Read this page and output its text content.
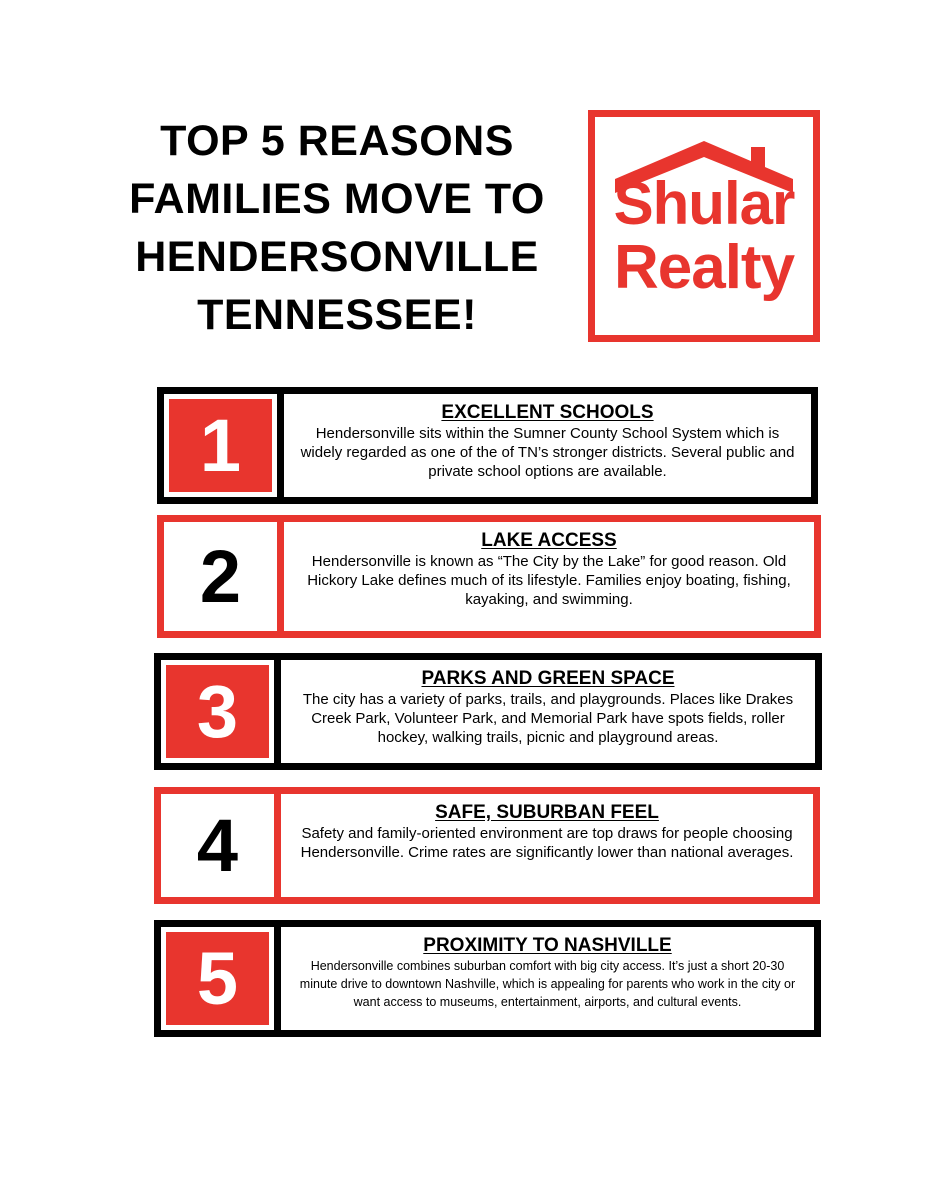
TOP 5 REASONS
FAMILIES MOVE TO
HENDERSONVILLE
TENNESSEE!
Shular
Realty
1	EXCELLENT SCHOOLS
Hendersonville sits within the Sumner County School System which is widely regarded as one of the of TN’s stronger districts. Several public and private school options are available.
2	LAKE ACCESS
Hendersonville is known as “The City by the Lake” for good reason. Old Hickory Lake defines much of its lifestyle. Families enjoy boating, fishing, kayaking, and swimming.
3	PARKS AND GREEN SPACE
The city has a variety of parks, trails, and playgrounds. Places like Drakes Creek Park, Volunteer Park, and Memorial Park have spots fields, roller hockey, walking trails, picnic and playground areas.
4	SAFE, SUBURBAN FEEL
Safety and family-oriented environment are top draws for people choosing Hendersonville. Crime rates are significantly lower than national averages.
5	PROXIMITY TO NASHVILLE
Hendersonville combines suburban comfort with big city access. It’s just a short 20-30 minute drive to downtown Nashville, which is appealing for parents who work in the city or want access to museums, entertainment, airports, and cultural events.
